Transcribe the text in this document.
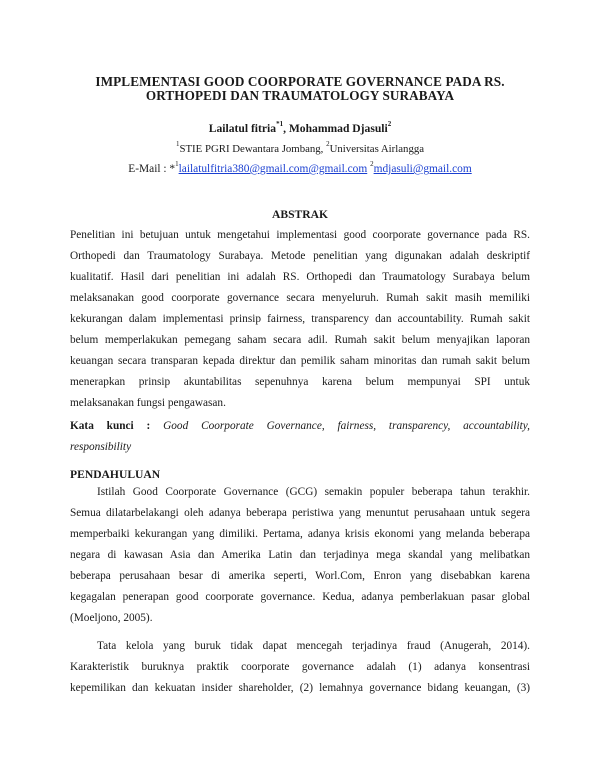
IMPLEMENTASI GOOD COORPORATE GOVERNANCE PADA RS.
ORTHOPEDI DAN TRAUMATOLOGY SURABAYA
Lailatul fitria$^{*1}$, Mohammad Djasuli$^2$
$^1$STIE PGRI Dewantara Jombang, $^2$Universitas Airlangga
E-Mail : *$^1$lailatulfitria380@gmail.com@gmail.com $^2$mdjasuli@gmail.com
ABSTRAK
Penelitian ini betujuan untuk mengetahui implementasi good coorporate governance pada RS.
Orthopedi dan Traumatology Surabaya. Metode penelitian yang digunakan adalah deskriptif
kualitatif. Hasil dari penelitian ini adalah RS. Orthopedi dan Traumatology Surabaya belum
melaksanakan good coorporate governance secara menyeluruh. Rumah sakit masih memiliki
kekurangan dalam implementasi prinsip fairness, transparency dan accountability. Rumah sakit
belum memperlakukan pemegang saham secara adil. Rumah sakit belum menyajikan laporan
keuangan secara transparan kepada direktur dan pemilik saham minoritas dan rumah sakit belum
menerapkan prinsip akuntabilitas sepenuhnya karena belum mempunyai SPI untuk
melaksanakan fungsi pengawasan.
Kata kunci : Good Coorporate Governance, fairness, transparency, accountability,
responsibility
PENDAHULUAN
Istilah Good Coorporate Governance (GCG) semakin populer beberapa tahun terakhir.
Semua dilatarbelakangi oleh adanya beberapa peristiwa yang menuntut perusahaan untuk segera
memperbaiki kekurangan yang dimiliki. Pertama, adanya krisis ekonomi yang melanda beberapa
negara di kawasan Asia dan Amerika Latin dan terjadinya mega skandal yang melibatkan
beberapa perusahaan besar di amerika seperti, Worl.Com, Enron yang disebabkan karena
kegagalan penerapan good coorporate governance. Kedua, adanya pemberlakuan pasar global
(Moeljono, 2005).
Tata kelola yang buruk tidak dapat mencegah terjadinya fraud (Anugerah, 2014).
Karakteristik buruknya praktik coorporate governance adalah (1) adanya konsentrasi
kepemilikan dan kekuatan insider shareholder, (2) lemahnya governance bidang keuangan, (3)
